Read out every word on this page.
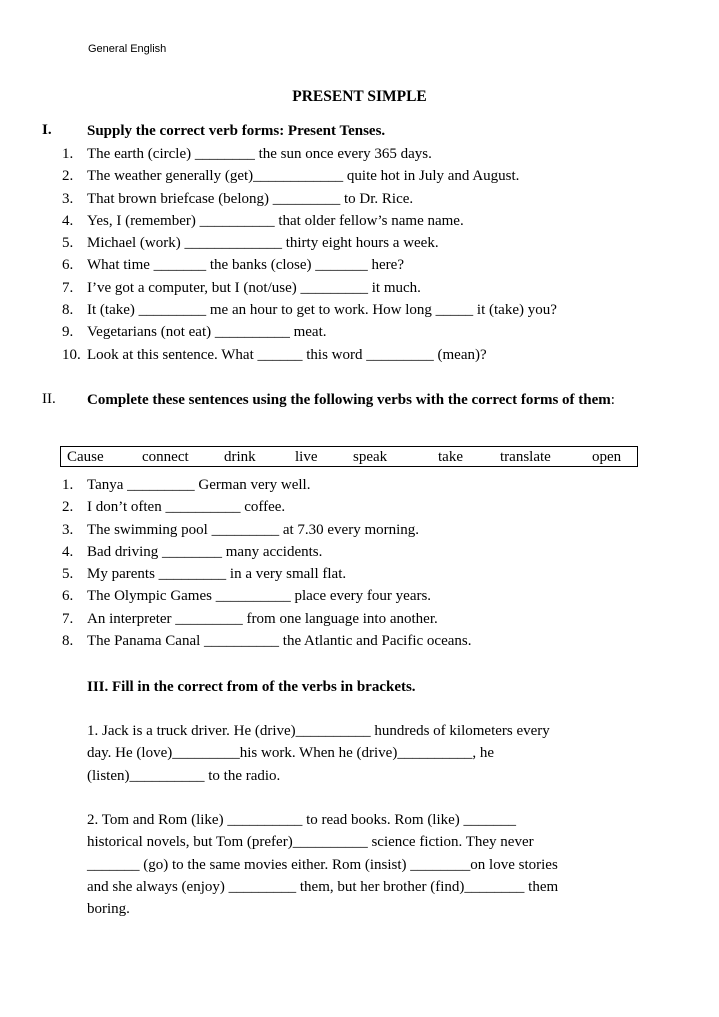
General English
PRESENT SIMPLE
I. Supply the correct verb forms: Present Tenses.
1. The earth (circle) ________ the sun once every 365 days.
2. The weather generally (get)____________ quite hot in July and August.
3. That brown briefcase (belong) _________ to Dr. Rice.
4. Yes, I (remember) __________ that older fellow’s name name.
5. Michael (work) _____________ thirty eight hours a week.
6. What time _______ the banks (close) _______ here?
7. I’ve got a computer, but I (not/use) _________ it much.
8. It (take) _________ me an hour to get to work. How long _____ it (take) you?
9. Vegetarians (not eat) __________ meat.
10. Look at this sentence. What ______ this word _________ (mean)?
II. Complete these sentences using the following verbs with the correct forms of them:
Cause	connect drink	live speak	take translate	open
1. Tanya _________ German very well.
2. I don’t often __________ coffee.
3. The swimming pool _________ at 7.30 every morning.
4. Bad driving ________ many accidents.
5. My parents _________ in a very small flat.
6. The Olympic Games __________ place every four years.
7. An interpreter _________ from one language into another.
8. The Panama Canal __________ the Atlantic and Pacific oceans.
III. Fill in the correct from of the verbs in brackets.
1. Jack is a truck driver. He (drive)__________ hundreds of kilometers every
day. He (love)_________his work. When he (drive)__________, he
(listen)__________ to the radio.
2. Tom and Rom (like) __________ to read books. Rom (like) _______
historical novels, but Tom (prefer)__________ science fiction. They never
_______ (go) to the same movies either. Rom (insist) ________on love stories
and she always (enjoy) _________ them, but her brother (find)________ them
boring.
